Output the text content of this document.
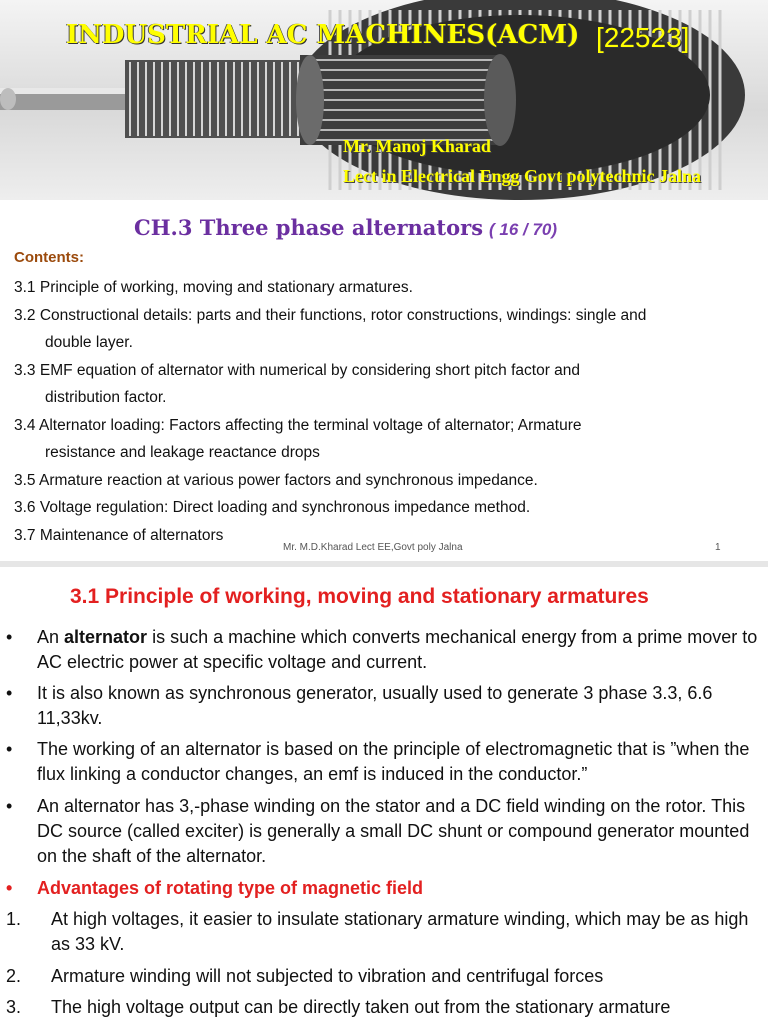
INDUSTRIAL AC MACHINES(ACM) [22523]
Mr. Manoj Kharad
Lect in Electrical Engg Govt polytechnic Jalna
CH.3 Three phase alternators ( 16 / 70)
Contents:
3.1 Principle of working, moving and stationary armatures.
3.2 Constructional details: parts and their functions, rotor constructions, windings: single and
double layer.
3.3 EMF equation of alternator with numerical by considering short pitch factor and
distribution factor.
3.4 Alternator loading: Factors affecting the terminal voltage of alternator; Armature
resistance and leakage reactance drops
3.5 Armature reaction at various power factors and synchronous impedance.
3.6 Voltage regulation: Direct loading and synchronous impedance method.
3.7 Maintenance of alternators
Mr. M.D.Kharad Lect EE,Govt poly Jalna	1
3.1 Principle of working, moving and stationary armatures
•	An alternator is such a machine which converts mechanical energy from a prime mover to AC electric power at specific voltage and current.
•	It is also known as synchronous generator, usually used to generate 3 phase 3.3, 6.6 11,33kv.
•	The working of an alternator is based on the principle of electromagnetic that is ”when the flux linking a conductor changes, an emf is induced in the conductor.”
•	An alternator has 3,-phase winding on the stator and a DC field winding on the rotor. This DC source (called exciter) is generally a small DC shunt or compound generator mounted on the shaft of the alternator.
•	Advantages of rotating type of magnetic field
1.	At high voltages, it easier to insulate stationary armature winding, which may be as high as 33 kV.
2.	Armature winding will not subjected to vibration and centrifugal forces
3.	The high voltage output can be directly taken out from the stationary armature
